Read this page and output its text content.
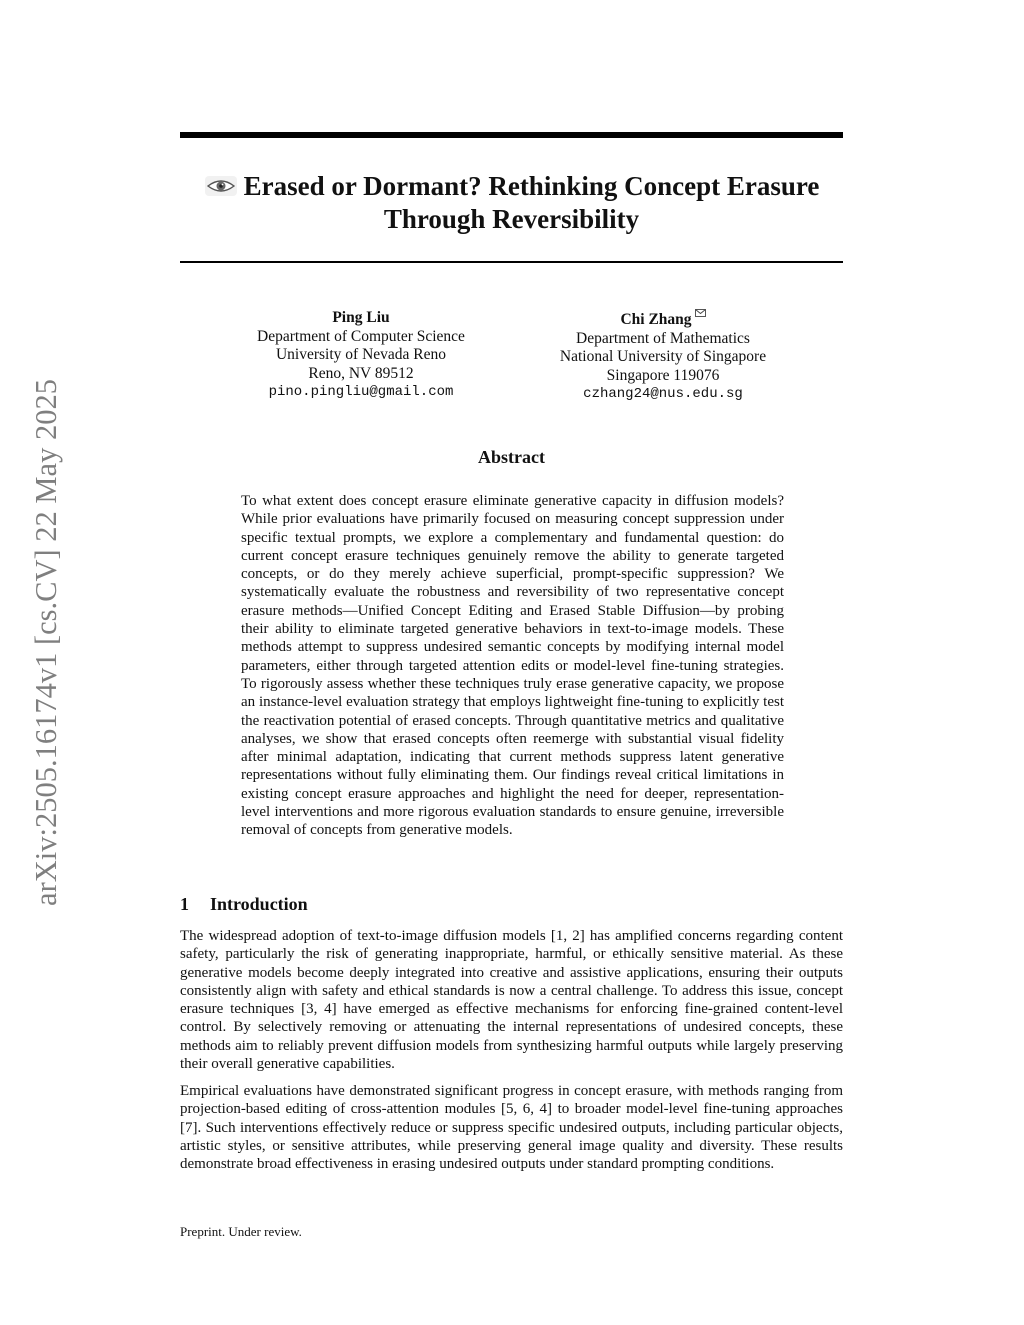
arXiv:2505.16174v1 [cs.CV] 22 May 2025
Erased or Dormant? Rethinking Concept Erasure Through Reversibility
Ping Liu
Department of Computer Science
University of Nevada Reno
Reno, NV 89512
pino.pingliu@gmail.com
Chi Zhang
Department of Mathematics
National University of Singapore
Singapore 119076
czhang24@nus.edu.sg
Abstract
To what extent does concept erasure eliminate generative capacity in diffusion models? While prior evaluations have primarily focused on measuring concept suppression under specific textual prompts, we explore a complementary and fundamental question: do current concept erasure techniques genuinely remove the ability to generate targeted concepts, or do they merely achieve superficial, prompt-specific suppression? We systematically evaluate the robustness and reversibility of two representative concept erasure methods—Unified Concept Editing and Erased Stable Diffusion—by probing their ability to eliminate targeted generative behaviors in text-to-image models. These methods attempt to suppress undesired semantic concepts by modifying internal model parameters, either through targeted attention edits or model-level fine-tuning strategies. To rigorously assess whether these techniques truly erase generative capacity, we propose an instance-level evaluation strategy that employs lightweight fine-tuning to explicitly test the reactivation potential of erased concepts. Through quantitative metrics and qualitative analyses, we show that erased concepts often reemerge with substantial visual fidelity after minimal adaptation, indicating that current methods suppress latent generative representations without fully eliminating them. Our findings reveal critical limitations in existing concept erasure approaches and highlight the need for deeper, representation-level interventions and more rigorous evaluation standards to ensure genuine, irreversible removal of concepts from generative models.
1 Introduction
The widespread adoption of text-to-image diffusion models [1, 2] has amplified concerns regarding content safety, particularly the risk of generating inappropriate, harmful, or ethically sensitive material. As these generative models become deeply integrated into creative and assistive applications, ensuring their outputs consistently align with safety and ethical standards is now a central challenge. To address this issue, concept erasure techniques [3, 4] have emerged as effective mechanisms for enforcing fine-grained content-level control. By selectively removing or attenuating the internal representations of undesired concepts, these methods aim to reliably prevent diffusion models from synthesizing harmful outputs while largely preserving their overall generative capabilities.
Empirical evaluations have demonstrated significant progress in concept erasure, with methods ranging from projection-based editing of cross-attention modules [5, 6, 4] to broader model-level fine-tuning approaches [7]. Such interventions effectively reduce or suppress specific undesired outputs, including particular objects, artistic styles, or sensitive attributes, while preserving general image quality and diversity. These results demonstrate broad effectiveness in erasing undesired outputs under standard prompting conditions.
Preprint. Under review.
